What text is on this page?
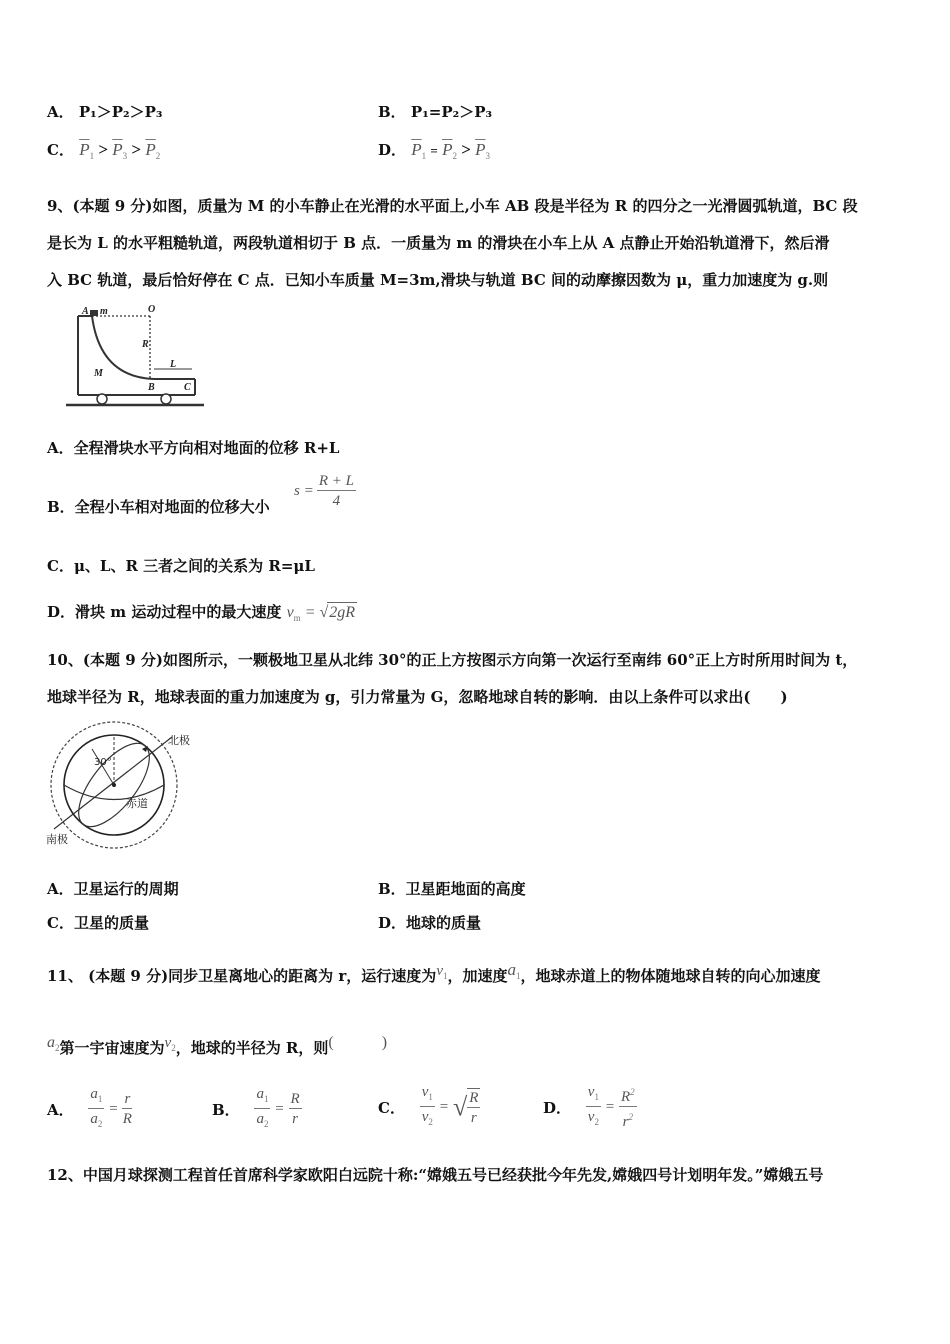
A． P₁＞P₂＞P₃	B． P₁=P₂＞P₃
C． $\overline{P}_1 > \overline{P}_3 > \overline{P}_2$	D． $\overline{P}_1 = \overline{P}_2 > \overline{P}_3$
9、(本题 9 分)如图，质量为 M 的小车静止在光滑的水平面上,小车 AB 段是半径为 R 的四分之一光滑圆弧轨道，BC 段
是长为 L 的水平粗糙轨道，两段轨道相切于 B 点．一质量为 m 的滑块在小车上从 A 点静止开始沿轨道滑下，然后滑
入 BC 轨道，最后恰好停在 C 点．已知小车质量 M=3m,滑块与轨道 BC 间的动摩擦因数为 μ，重力加速度为 g.则
A m	O
R
L
M
B	C
A．全程滑块水平方向相对地面的位移 R+L
B．全程小车相对地面的位移大小
$s = \frac{R + L}{4}$
C．μ、L、R 三者之间的关系为 R=μL
D．滑块 m 运动过程中的最大速度 $v_m = √2gR$
10、(本题 9 分)如图所示，一颗极地卫星从北纬 30°的正上方按图示方向第一次运行至南纬 60°正上方时所用时间为 t，
地球半径为 R，地球表面的重力加速度为 g，引力常量为 G，忽略地球自转的影响．由以上条件可以求出(　　)
北极
南极
赤道
30°
A．卫星运行的周期	B．卫星距地面的高度
C．卫星的质量	D．地球的质量
11、 (本题 9 分)同步卫星离地心的距离为 r，运行速度为$v_1$，加速度$a_1$，地球赤道上的物体随地球自转的向心加速度
$a_2$第一宇宙速度为$v_2$，地球的半径为 R，则(　　　)
A． $\frac{a_1}{a_2} = \frac{r}{R}$	B． $\frac{a_1}{a_2} = \frac{R}{r}$	C． $\frac{v_1}{v_2}$ = √ $\frac{R}{r}$	D． $\frac{v_1}{v_2} = \frac{R^2}{r^2}$
12、中国月球探测工程首任首席科学家欧阳白远院十称:“嫦娥五号已经获批今年先发,嫦娥四号计划明年发。”嫦娥五号
